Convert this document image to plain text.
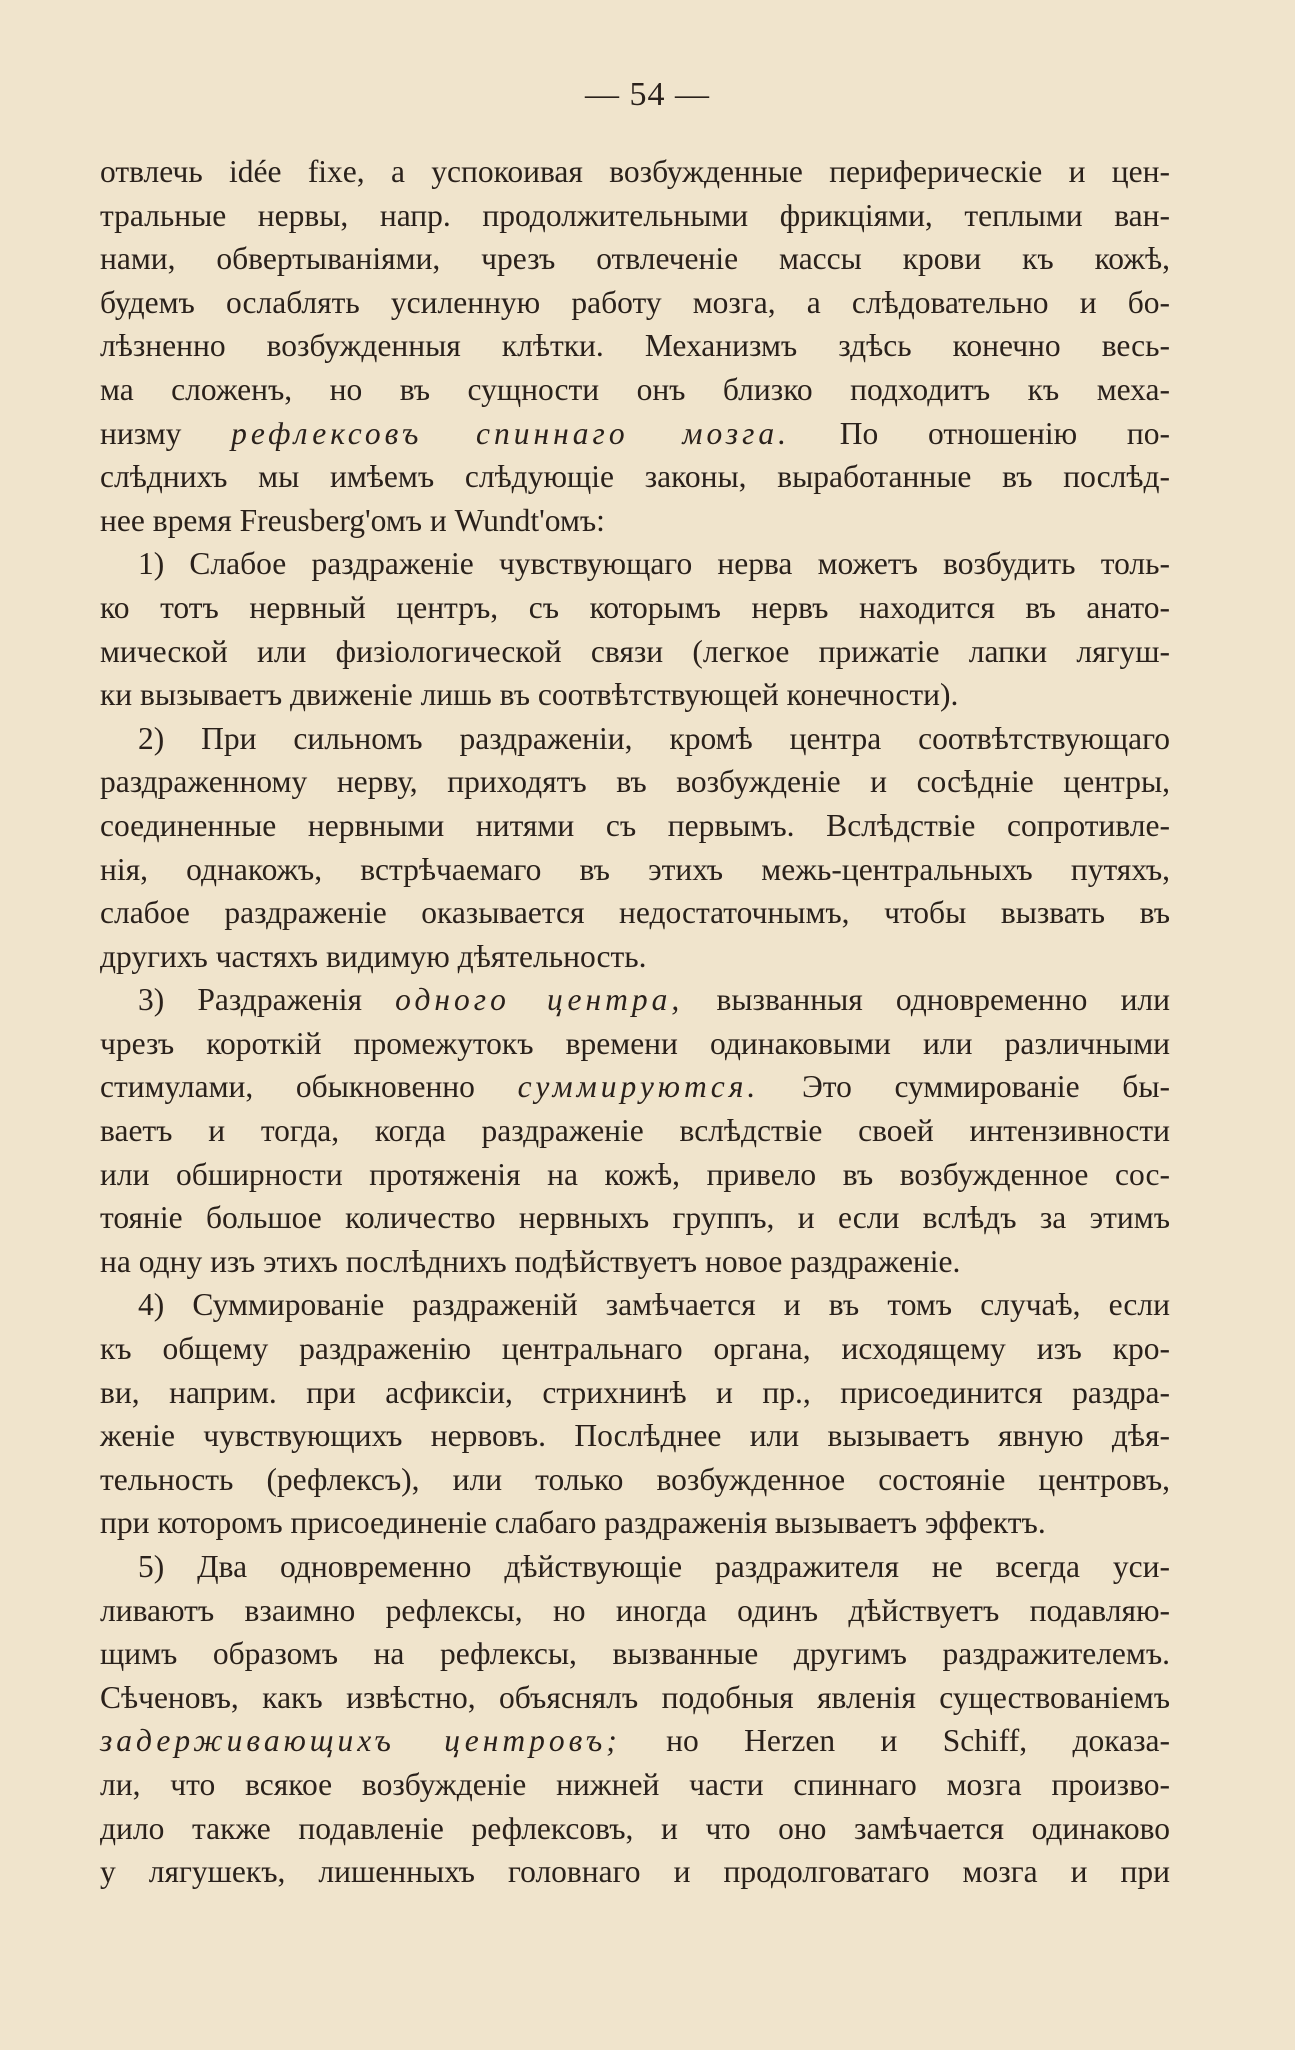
— 54 —
отвлечь idée fixe, а успокоивая возбужденные периферическіе и цен-
тральные нервы, напр. продолжительными фрикціями, теплыми ван-
нами, обвертываніями, чрезъ отвлеченіе массы крови къ кожѣ,
будемъ ослаблять усиленную работу мозга, а слѣдовательно и бо-
лѣзненно возбужденныя клѣтки. Механизмъ здѣсь конечно весь-
ма сложенъ, но въ сущности онъ близко подходитъ къ меха-
низму рефлексовъ спиннаго мозга. По отношенію по-
слѣднихъ мы имѣемъ слѣдующіе законы, выработанные въ послѣд-
нее время Freusberg'омъ и Wundt'омъ:
1) Слабое раздраженіе чувствующаго нерва можетъ возбудить толь-
ко тотъ нервный центръ, съ которымъ нервъ находится въ анато-
мической или физіологической связи (легкое прижатіе лапки лягуш-
ки вызываетъ движеніе лишь въ соотвѣтствующей конечности).
2) При сильномъ раздраженіи, кромѣ центра соотвѣтствующаго
раздраженному нерву, приходятъ въ возбужденіе и сосѣдніе центры,
соединенные нервными нитями съ первымъ. Вслѣдствіе сопротивле-
нія, однакожъ, встрѣчаемаго въ этихъ межь-центральныхъ путяхъ,
слабое раздраженіе оказывается недостаточнымъ, чтобы вызвать въ
другихъ частяхъ видимую дѣятельность.
3) Раздраженія одного центра, вызванныя одновременно или
чрезъ короткій промежутокъ времени одинаковыми или различными
стимулами, обыкновенно суммируются. Это суммированіе бы-
ваетъ и тогда, когда раздраженіе вслѣдствіе своей интензивности
или обширности протяженія на кожѣ, привело въ возбужденное сос-
тояніе большое количество нервныхъ группъ, и если вслѣдъ за этимъ
на одну изъ этихъ послѣднихъ подѣйствуетъ новое раздраженіе.
4) Суммированіе раздраженій замѣчается и въ томъ случаѣ, если
къ общему раздраженію центральнаго органа, исходящему изъ кро-
ви, наприм. при асфиксіи, стрихнинѣ и пр., присоединится раздра-
женіе чувствующихъ нервовъ. Послѣднее или вызываетъ явную дѣя-
тельность (рефлексъ), или только возбужденное состояніе центровъ,
при которомъ присоединеніе слабаго раздраженія вызываетъ эффектъ.
5) Два одновременно дѣйствующіе раздражителя не всегда уси-
ливаютъ взаимно рефлексы, но иногда одинъ дѣйствуетъ подавляю-
щимъ образомъ на рефлексы, вызванные другимъ раздражителемъ.
Сѣченовъ, какъ извѣстно, объяснялъ подобныя явленія существованіемъ
задерживающихъ центровъ; но Herzen и Schiff, доказа-
ли, что всякое возбужденіе нижней части спиннаго мозга произво-
дило также подавленіе рефлексовъ, и что оно замѣчается одинаково
у лягушекъ, лишенныхъ головнаго и продолговатаго мозга и при
